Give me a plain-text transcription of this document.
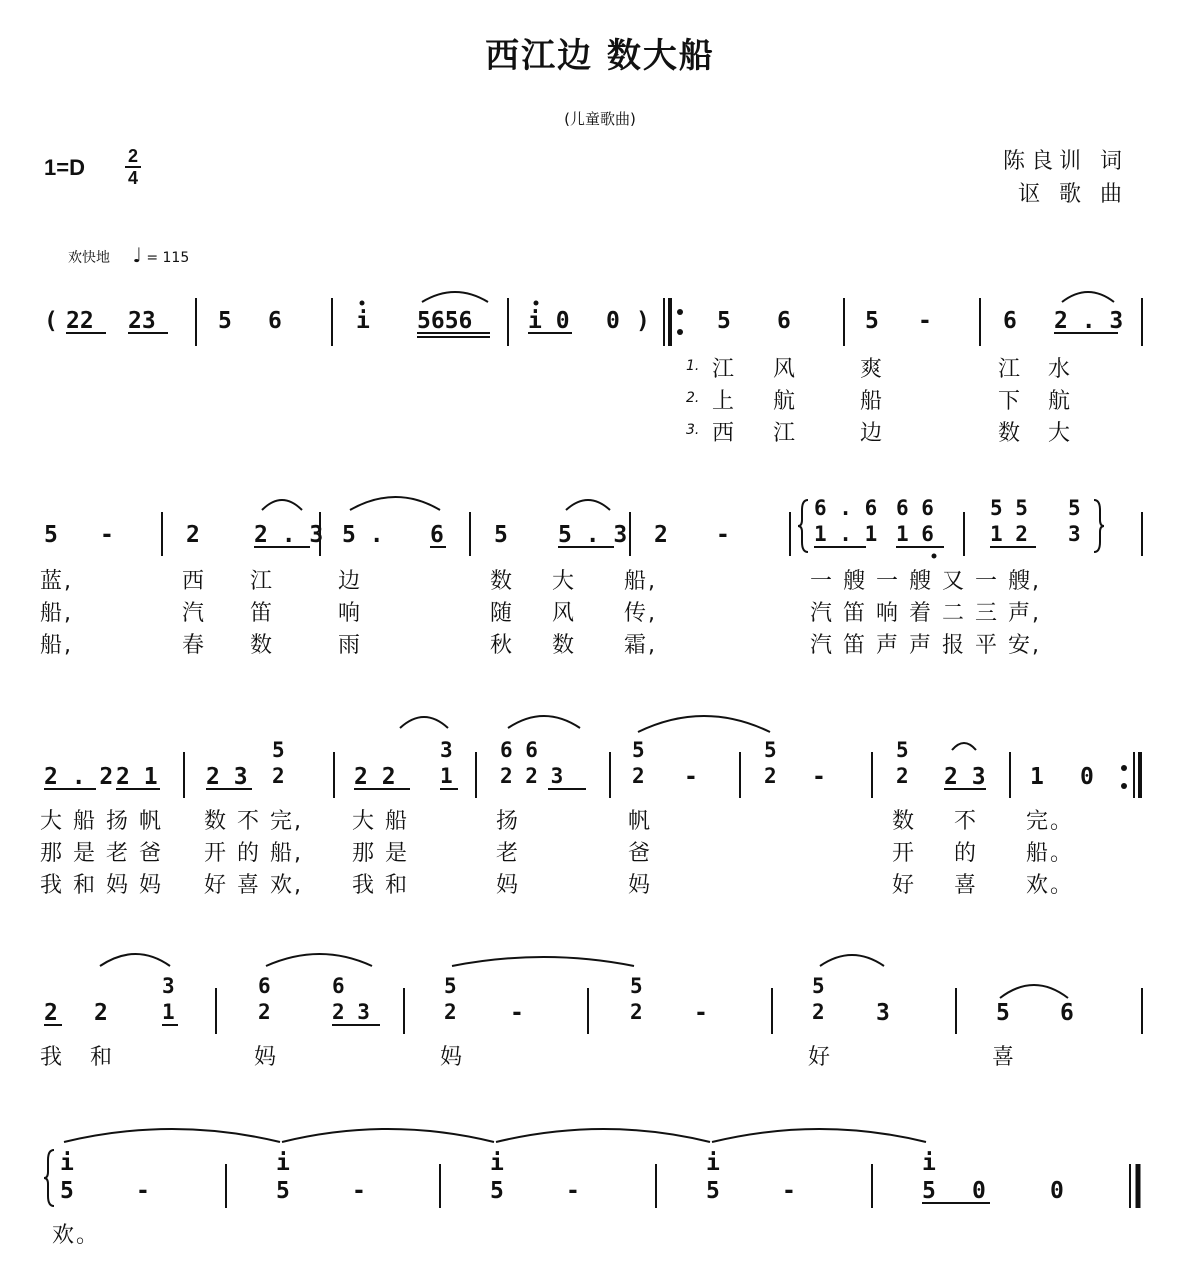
西江边 数大船
(儿童歌曲)
1=D	2
4
陈良训 词
讴 歌 曲
欢快地 ♩ = 115
( 22 23	5 6	i 5656 i 0 0 )	5 6	5 -	6 2 . 3
1.
2.
3.
江 风	爽	江 水
上 航	船	下 航
西 江	边	数 大
5 -	2 2 . 3 5 . 6 5 5 . 3 2 -
6 . 6 6 6	5 5 5
1 . 1 1 6	1 2 3
蓝,	西 江	边	数 大 船,	一 艘 一 艘 又 一 艘,
船,	汽 笛	响	随 风 传,	汽 笛 响 着 二 三 声,
船,	春 数	雨	秋 数 霜,	汽 笛 声 声 报 平 安,
2 . 2 2 1 2 3	2 2	-	-	2 3 1 0
5	3 6 6	5	5	5
2	1 2 2 3	2	2	2
大 船 扬 帆 数 不 完, 大 船	扬	帆	数 不 完。
那 是 老 爸 开 的 船, 那 是	老	爸	开 的 船。
我 和 妈 妈 好 喜 欢, 我 和	妈	妈	好 喜 欢。
2 2	-	-	3	5 6
3	6	6	5	5	5
1	2	2 3	2	2	2
我 和	妈	妈	好	喜
i	i	i	i	i
5	-	5	-	5	-	5	-	5 0	0
欢。
